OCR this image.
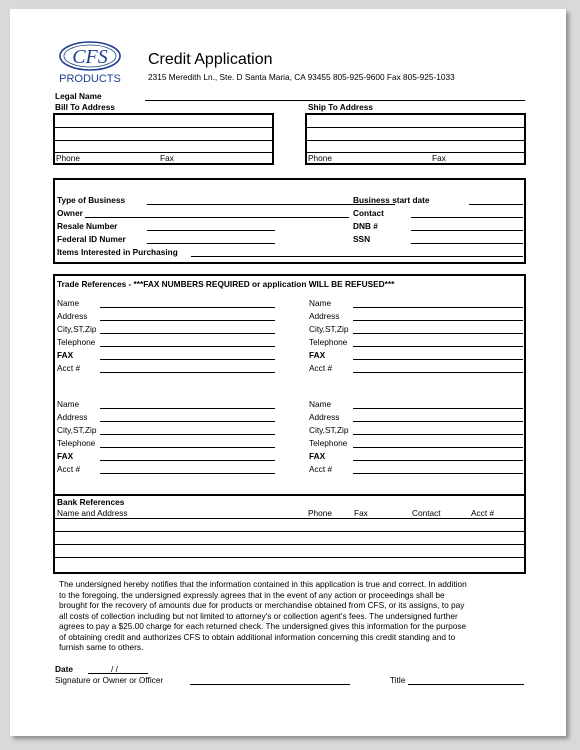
CFS
PRODUCTS
Credit Application
2315 Meredith Ln., Ste. D Santa Maria, CA 93455 805-925-9600 Fax 805-925-1033
Legal Name
Bill To Address	Ship To Address
Phone	Fax	Phone	Fax
Type of Business
Owner
Resale Number
Federal ID Numer
Items Interested in Purchasing
Business start date
Contact
DNB #
SSN
Trade References - ***FAX NUMBERS REQUIRED or application WILL BE REFUSED***
Name
Address
City,ST,Zip
Telephone
FAX
Acct #
Name
Address
City,ST,Zip
Telephone
FAX
Acct #
Name
Address
City,ST,Zip
Telephone
FAX
Acct #
Name
Address
City,ST,Zip
Telephone
FAX
Acct #
Bank References
Name and Address	Phone	Fax	Contact	Acct #
The undersigned hereby notifies that the information contained in this application is true and correct. In addition
to the foregoing, the undersigned expressly agrees that in the event of any action or proceedings shall be
brought for the recovery of amounts due for products or merchandise obtained from CFS, or its assigns, to pay
all costs of collection including but not limited to attorney's or collection agent's fees. The undersigned further
agrees to pay a $25.00 charge for each returned check. The undersigned gives this information for the purpose
of obtaining credit and authorizes CFS to obtain additional information concerning this credit standing and to
furnish same to others.
Date	/ /
Signature or Owner or Officer	Title
